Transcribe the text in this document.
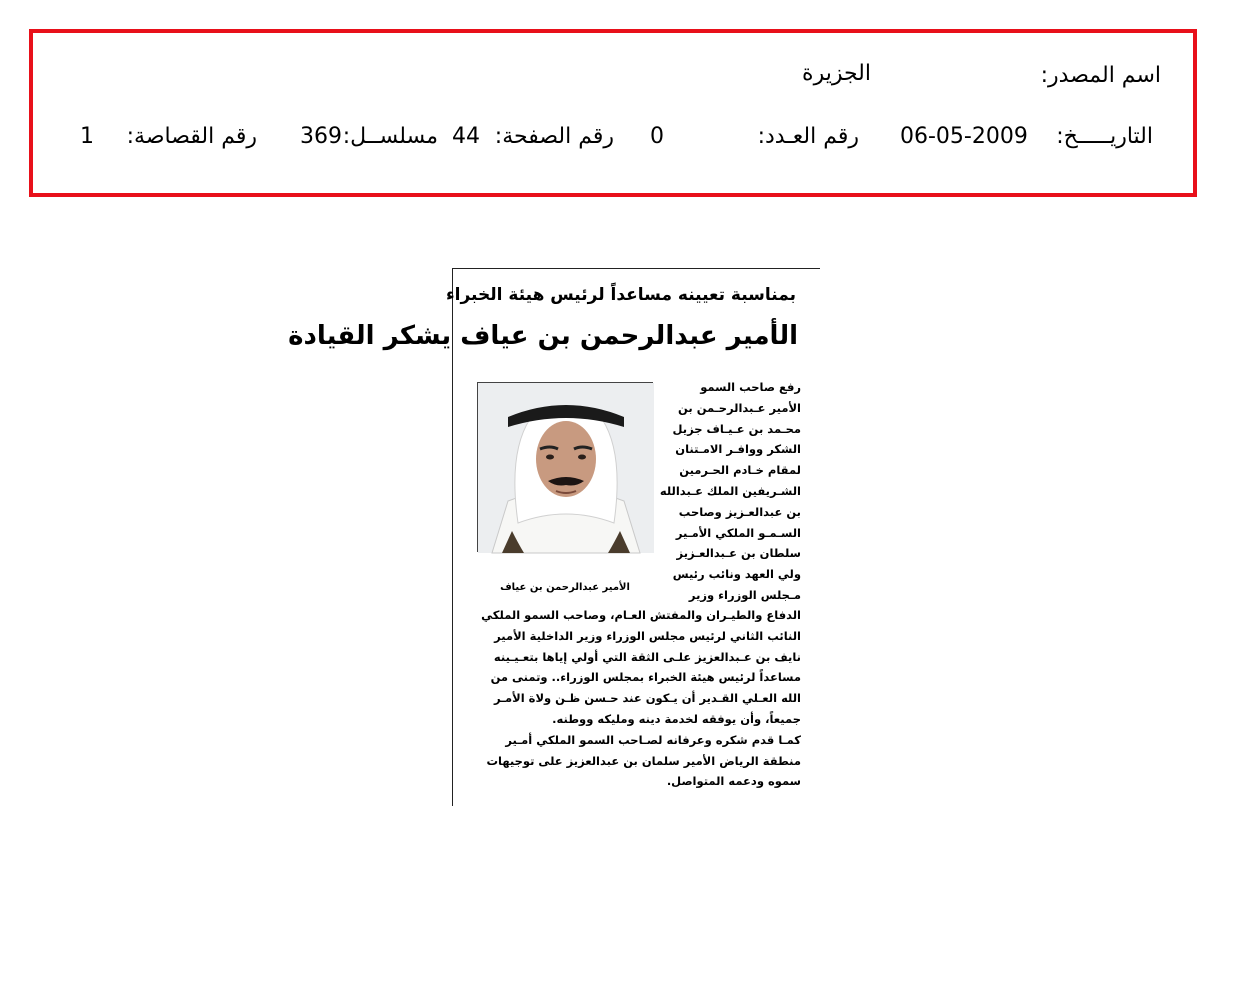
اسم المصدر:
الجزيرة
التاريـــــخ:
06-05-2009
رقم العـدد:
0
رقم الصفحة:
44
مسلســل:
369
رقم القصاصة:
1
بمناسبة تعيينه مساعداً لرئيس هيئة الخبراء
الأمير عبدالرحمن بن عياف يشكر القيادة
الأمير عبدالرحمن بن عياف
رفع صاحب السمو
الأمير عـبدالرحـمن بن
محـمد بن عـيـاف جزيل
الشكر ووافـر الامـتنان
لمقام خـادم الحـرمين
الشـريفين الملك عـبدالله
بن عبدالعـزيز وصاحب
السـمـو الملكي الأمـير
سلطان بن عـبدالعـزيز
ولي العهد ونائب رئيس
مـجلس الوزراء وزير
الدفاع والطيـران والمفتش العـام، وصاحب السمو الملكي
النائب الثاني لرئيس مجلس الوزراء وزير الداخلية الأمير
نايف بن عـبدالعزيز علـى الثقة التي أولي إياها بتعـيـينه
مساعداً لرئيس هيئة الخبراء بمجلس الوزراء.. وتمنى من
الله العـلي القـدير أن يـكون عند حـسن ظـن ولاة الأمـر
جميعاً، وأن يوفقه لخدمة دينه ومليكه ووطنه.
كمـا قدم شكره وعرفانه لصـاحب السمو الملكي أمـير
منطقة الرياض الأمير سلمان بن عبدالعزيز على توجيهات
سموه ودعمه المتواصل.
